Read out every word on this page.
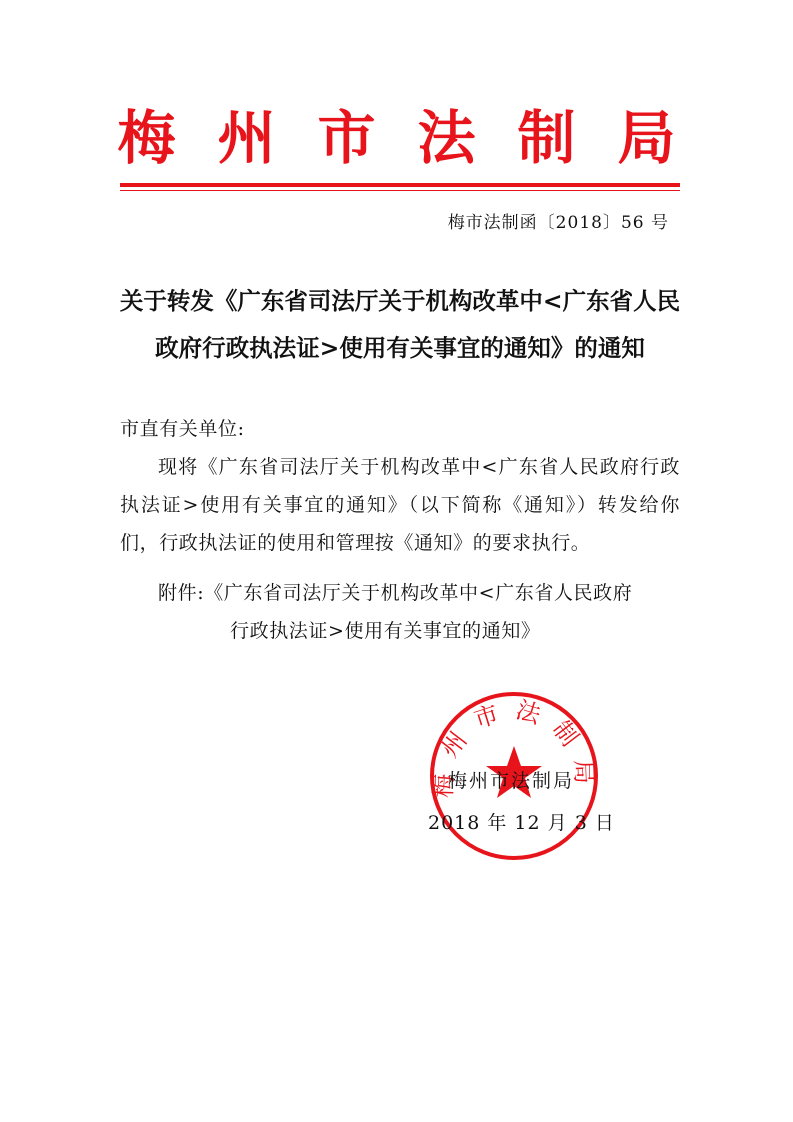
梅州市法制局
梅市法制函〔2018〕56 号
关于转发《广东省司法厅关于机构改革中<广东省人民
政府行政执法证>使用有关事宜的通知》的通知
市直有关单位:
现将《广东省司法厅关于机构改革中<广东省人民政府行政执法证>使用有关事宜的通知》（以下简称《通知》）转发给你们，行政执法证的使用和管理按《通知》的要求执行。
附件:《广东省司法厅关于机构改革中<广东省人民政府
行政执法证>使用有关事宜的通知》
梅州市法制局
梅州市法制局
2018 年 12 月 3 日
